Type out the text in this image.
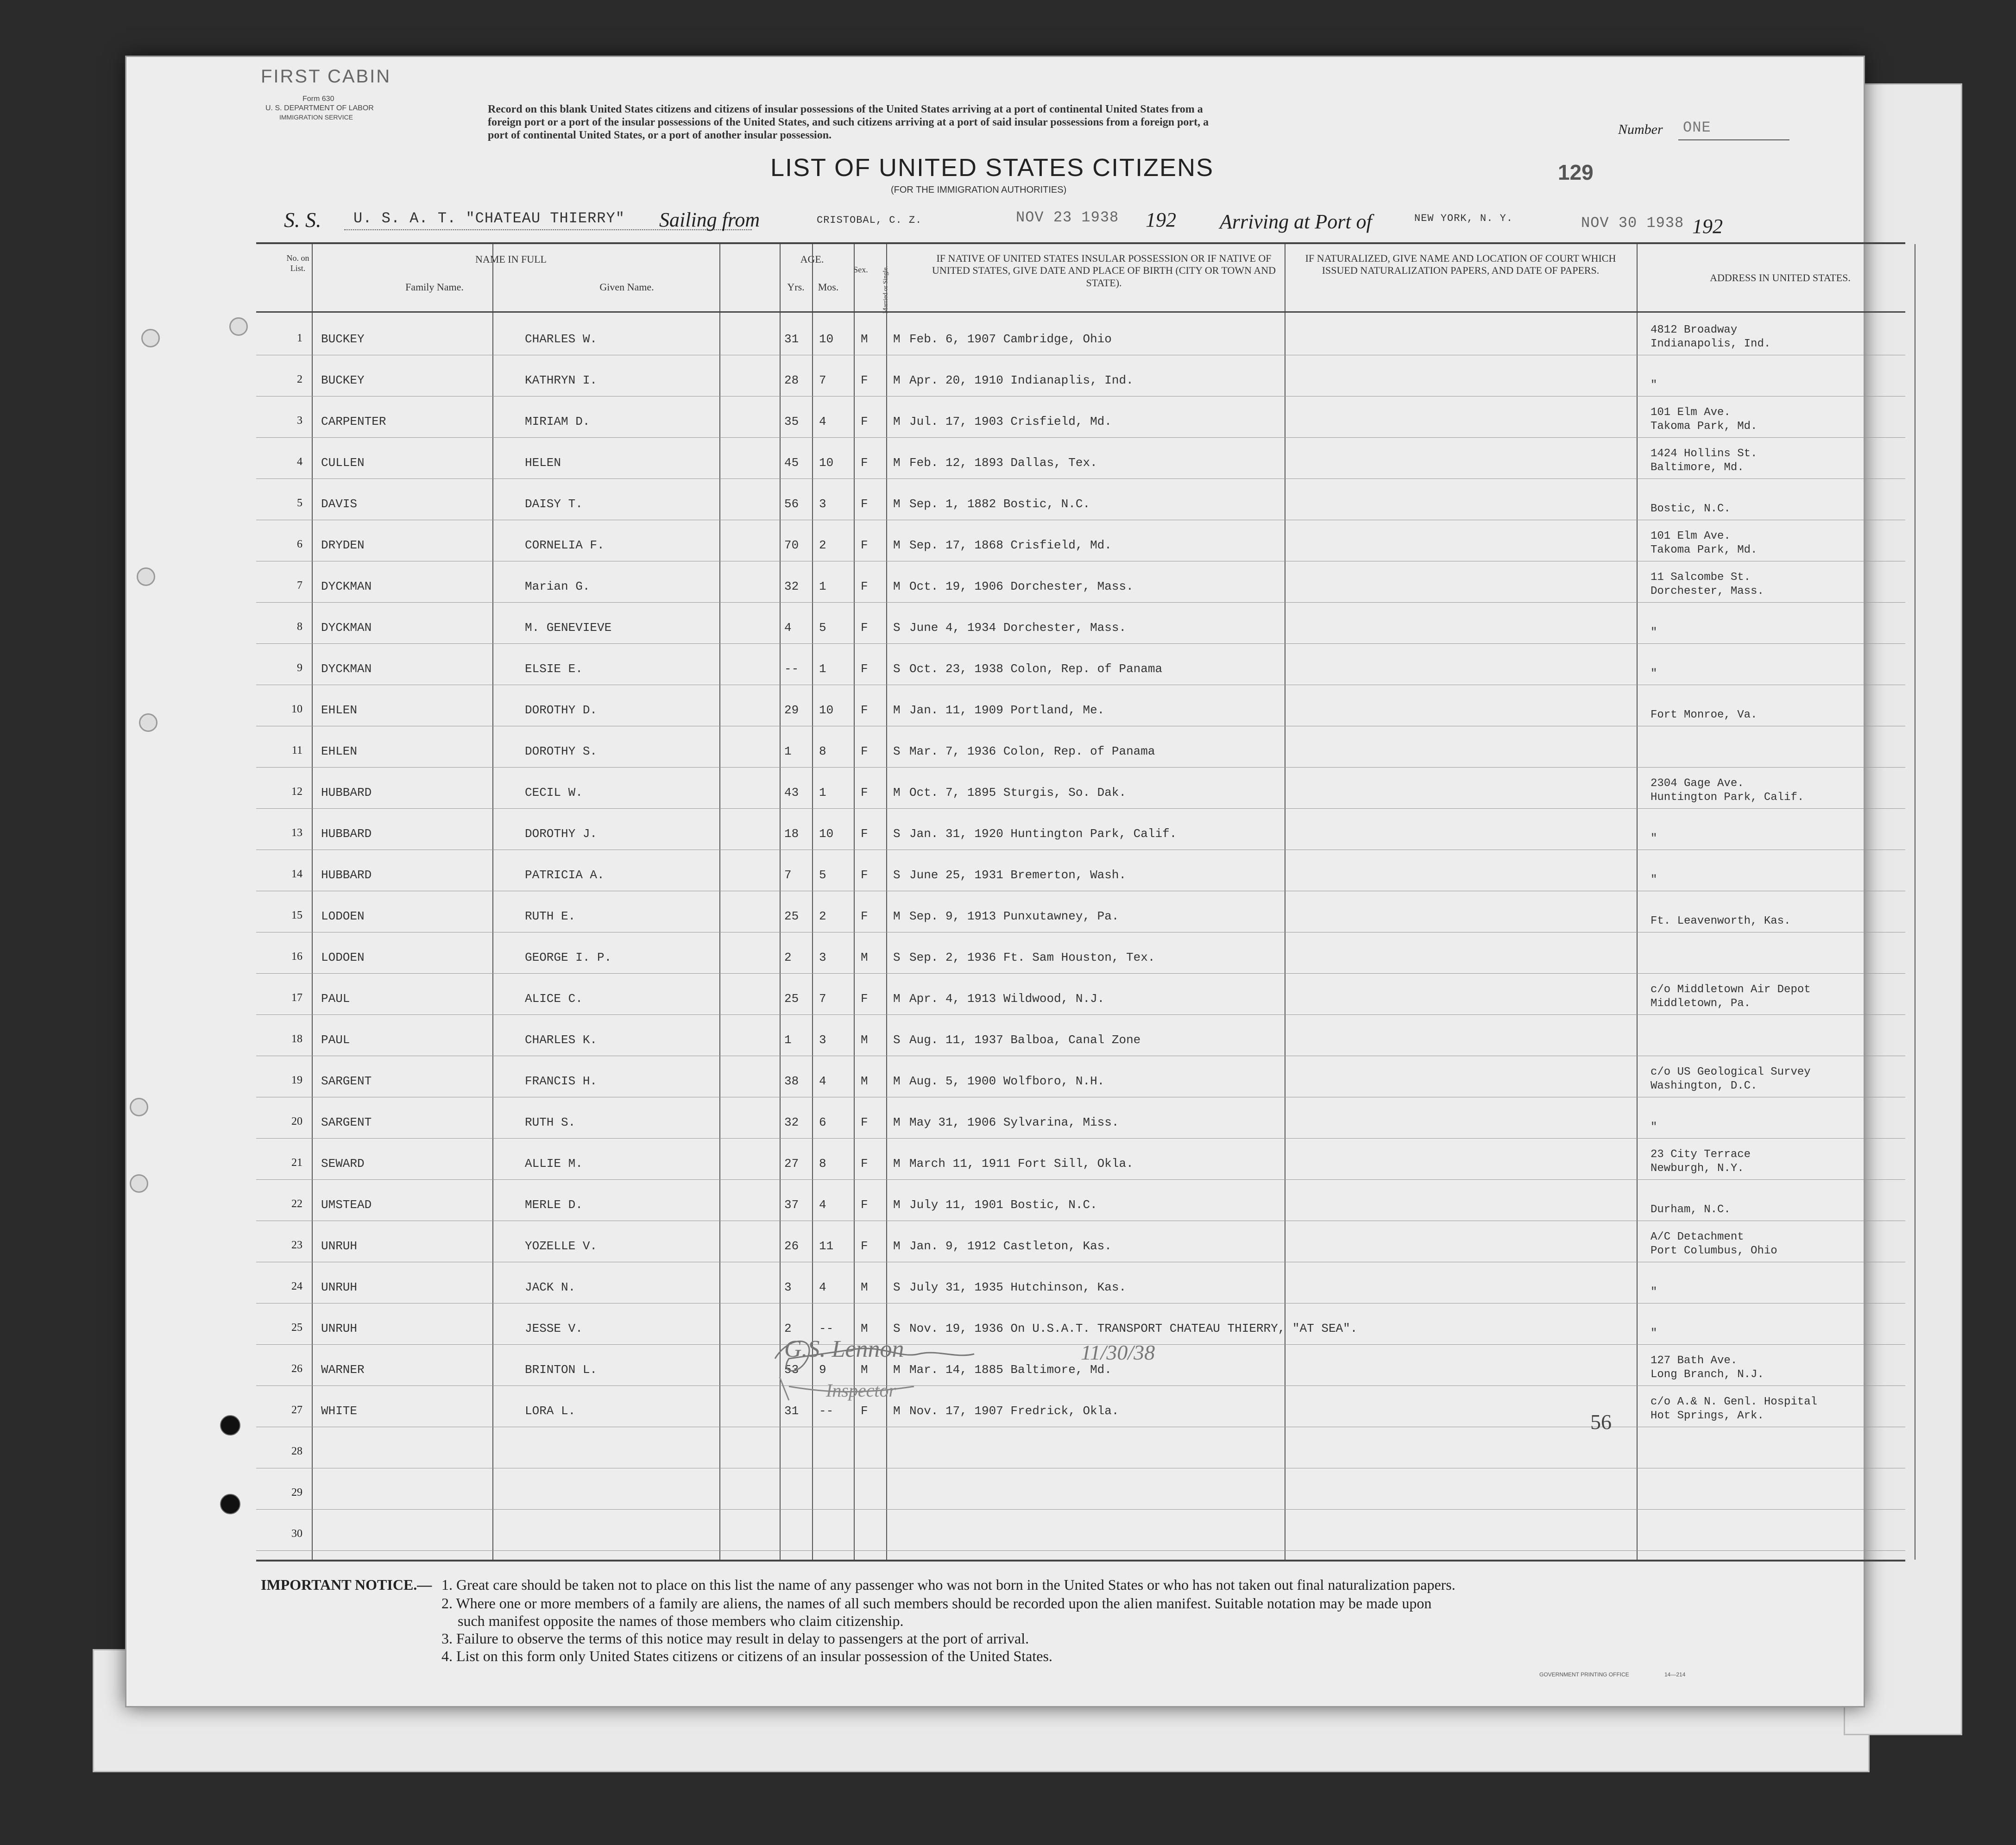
FIRST CABIN
Form 630
U. S. DEPARTMENT OF LABOR
IMMIGRATION SERVICE
Record on this blank United States citizens and citizens of insular possessions of the United States arriving at a port of continental United States from a
foreign port or a port of the insular possessions of the United States, and such citizens arriving at a port of said insular possessions from a foreign port, a
port of continental United States, or a port of another insular possession.	Number ONE
LIST OF UNITED STATES CITIZENS
(FOR THE IMMIGRATION AUTHORITIES)
129
S. S. U. S. A. T. "CHATEAU THIERRY" Sailing from	CRISTOBAL, C. Z.	NOV 23 1938 192 Arriving at Port of	NEW YORK, N. Y.	NOV 30 1938 192
No. on List.
NAME IN FULL
Family Name.	Given Name.
AGE.
Yrs.	Mos.
Sex.	Married or Single.
IF NATIVE OF UNITED STATES INSULAR POSSESSION OR IF NATIVE OF UNITED STATES, GIVE DATE AND PLACE OF BIRTH (CITY OR TOWN AND STATE).
IF NATURALIZED, GIVE NAME AND LOCATION OF COURT WHICH ISSUED NATURALIZATION PAPERS, AND DATE OF PAPERS.
ADDRESS IN UNITED STATES.
1 BUCKEY	CHARLES W.	31 10 M M Feb. 6, 1907 Cambridge, Ohio
4812 Broadway
Indianapolis, Ind.
2 BUCKEY	KATHRYN I.	28 7	F M Apr. 20, 1910 Indianaplis, Ind.	"
3 CARPENTER	MIRIAM D.	35 4	F M Jul. 17, 1903 Crisfield, Md.
101 Elm Ave.
Takoma Park, Md.
4 CULLEN	HELEN	45 10 F M Feb. 12, 1893 Dallas, Tex.
1424 Hollins St.
Baltimore, Md.
5 DAVIS	DAISY T.	56 3	F M Sep. 1, 1882 Bostic, N.C.	Bostic, N.C.
6 DRYDEN	CORNELIA F.	70 2	F M Sep. 17, 1868 Crisfield, Md.
101 Elm Ave.
Takoma Park, Md.
7 DYCKMAN	Marian G.	32 1	F M Oct. 19, 1906 Dorchester, Mass.
11 Salcombe St.
Dorchester, Mass.
8 DYCKMAN	M. GENEVIEVE	4 5	F S June 4, 1934 Dorchester, Mass.	"
9 DYCKMAN	ELSIE E.	-- 1	F S Oct. 23, 1938 Colon, Rep. of Panama	"
10 EHLEN	DOROTHY D.	29 10 F M Jan. 11, 1909 Portland, Me.	Fort Monroe, Va.
11 EHLEN	DOROTHY S.	1 8	F S Mar. 7, 1936 Colon, Rep. of Panama
12 HUBBARD	CECIL W.	43 1	F M Oct. 7, 1895 Sturgis, So. Dak.
2304 Gage Ave.
Huntington Park, Calif.
13 HUBBARD	DOROTHY J.	18 10 F S Jan. 31, 1920 Huntington Park, Calif.	"
14 HUBBARD	PATRICIA A.	7 5	F S June 25, 1931 Bremerton, Wash.	"
15 LODOEN	RUTH E.	25 2	F M Sep. 9, 1913 Punxutawney, Pa.	Ft. Leavenworth, Kas.
16 LODOEN	GEORGE I. P.	2 3	M S Sep. 2, 1936 Ft. Sam Houston, Tex.
17 PAUL	ALICE C.	25 7	F M Apr. 4, 1913 Wildwood, N.J.
c/o Middletown Air Depot
Middletown, Pa.
18 PAUL	CHARLES K.	1 3	M S Aug. 11, 1937 Balboa, Canal Zone
19 SARGENT	FRANCIS H.	38 4	M M Aug. 5, 1900 Wolfboro, N.H.
c/o US Geological Survey
Washington, D.C.
20 SARGENT	RUTH S.	32 6	F M May 31, 1906 Sylvarina, Miss.	"
21 SEWARD	ALLIE M.	27 8	F M March 11, 1911 Fort Sill, Okla.
23 City Terrace
Newburgh, N.Y.
22 UMSTEAD	MERLE D.	37 4	F M July 11, 1901 Bostic, N.C.	Durham, N.C.
23 UNRUH	YOZELLE V.	26 11 F M Jan. 9, 1912 Castleton, Kas.
A/C Detachment
Port Columbus, Ohio
24 UNRUH	JACK N.	3 4	M S July 31, 1935 Hutchinson, Kas.	"
25 UNRUH	JESSE V.	2 -- M S Nov. 19, 1936 On U.S.A.T. TRANSPORT CHATEAU THIERRY, "AT SEA".	"
26 WARNER	BRINTON L.	53 9	M M Mar. 14, 1885 Baltimore, Md.
127 Bath Ave.
Long Branch, N.J.
27 WHITE	LORA L.	31 -- F M Nov. 17, 1907 Fredrick, Okla.
c/o A.& N. Genl. Hospital
Hot Springs, Ark.
28
29
30
G.S. Lennon	11/30/38
Inspector
56
IMPORTANT NOTICE.— 1. Great care should be taken not to place on this list the name of any passenger who was not born in the United States or who has not taken out final naturalization papers.
2. Where one or more members of a family are aliens, the names of all such members should be recorded upon the alien manifest. Suitable notation may be made upon
such manifest opposite the names of those members who claim citizenship.
3. Failure to observe the terms of this notice may result in delay to passengers at the port of arrival.
4. List on this form only United States citizens or citizens of an insular possession of the United States.
GOVERNMENT PRINTING OFFICE	14—214
